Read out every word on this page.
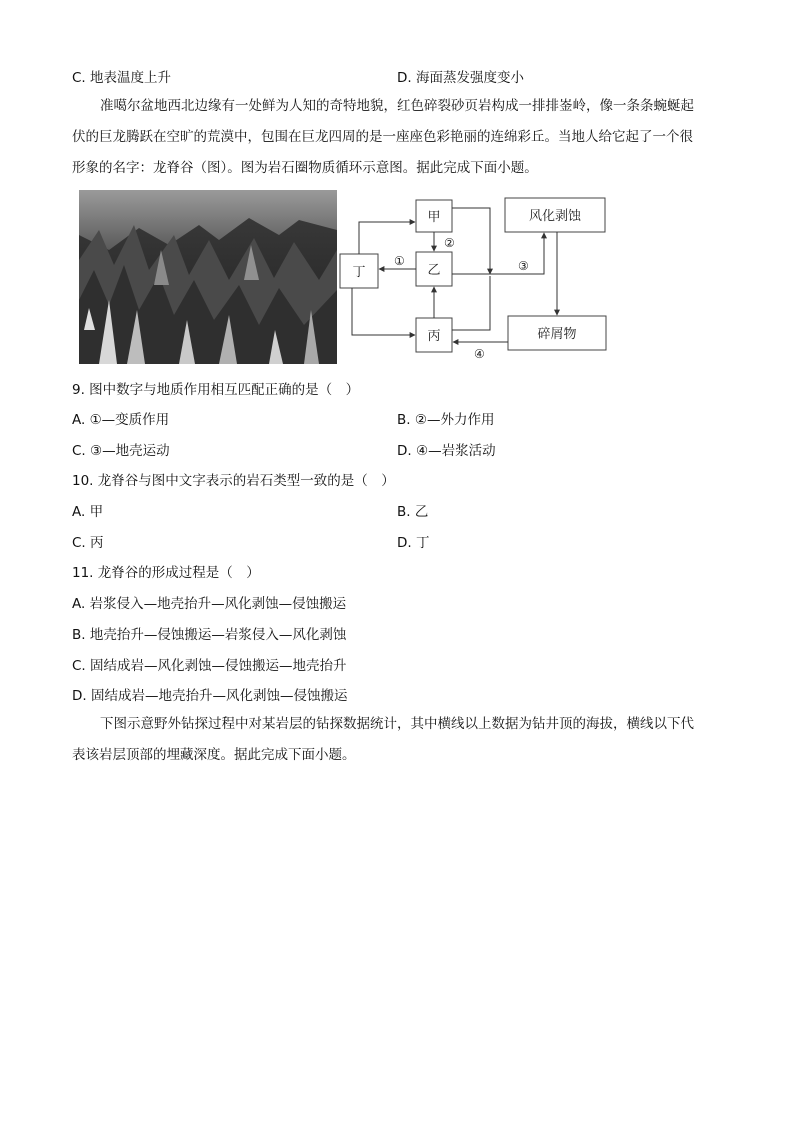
C. 地表温度上升	D. 海面蒸发强度变小
准噶尔盆地西北边缘有一处鲜为人知的奇特地貌，红色碎裂砂页岩构成一排排崟岭，像一条条蜿蜒起
伏的巨龙腾跃在空旷的荒漠中，包围在巨龙四周的是一座座色彩艳丽的连绵彩丘。当地人给它起了一个很
形象的名字：龙脊谷（图）。图为岩石圈物质循环示意图。据此完成下面小题。
甲
乙
丙
丁
风化剥蚀
碎屑物
②
①	③
④
9. 图中数字与地质作用相互匹配正确的是（　）
A. ①—变质作用	B. ②—外力作用
C. ③—地壳运动	D. ④—岩浆活动
10. 龙脊谷与图中文字表示的岩石类型一致的是（　）
A. 甲	B. 乙
C. 丙	D. 丁
11. 龙脊谷的形成过程是（　）
A. 岩浆侵入—地壳抬升—风化剥蚀—侵蚀搬运
B. 地壳抬升—侵蚀搬运—岩浆侵入—风化剥蚀
C. 固结成岩—风化剥蚀—侵蚀搬运—地壳抬升
D. 固结成岩—地壳抬升—风化剥蚀—侵蚀搬运
下图示意野外钻探过程中对某岩层的钻探数据统计，其中横线以上数据为钻井顶的海拔，横线以下代
表该岩层顶部的埋藏深度。据此完成下面小题。
